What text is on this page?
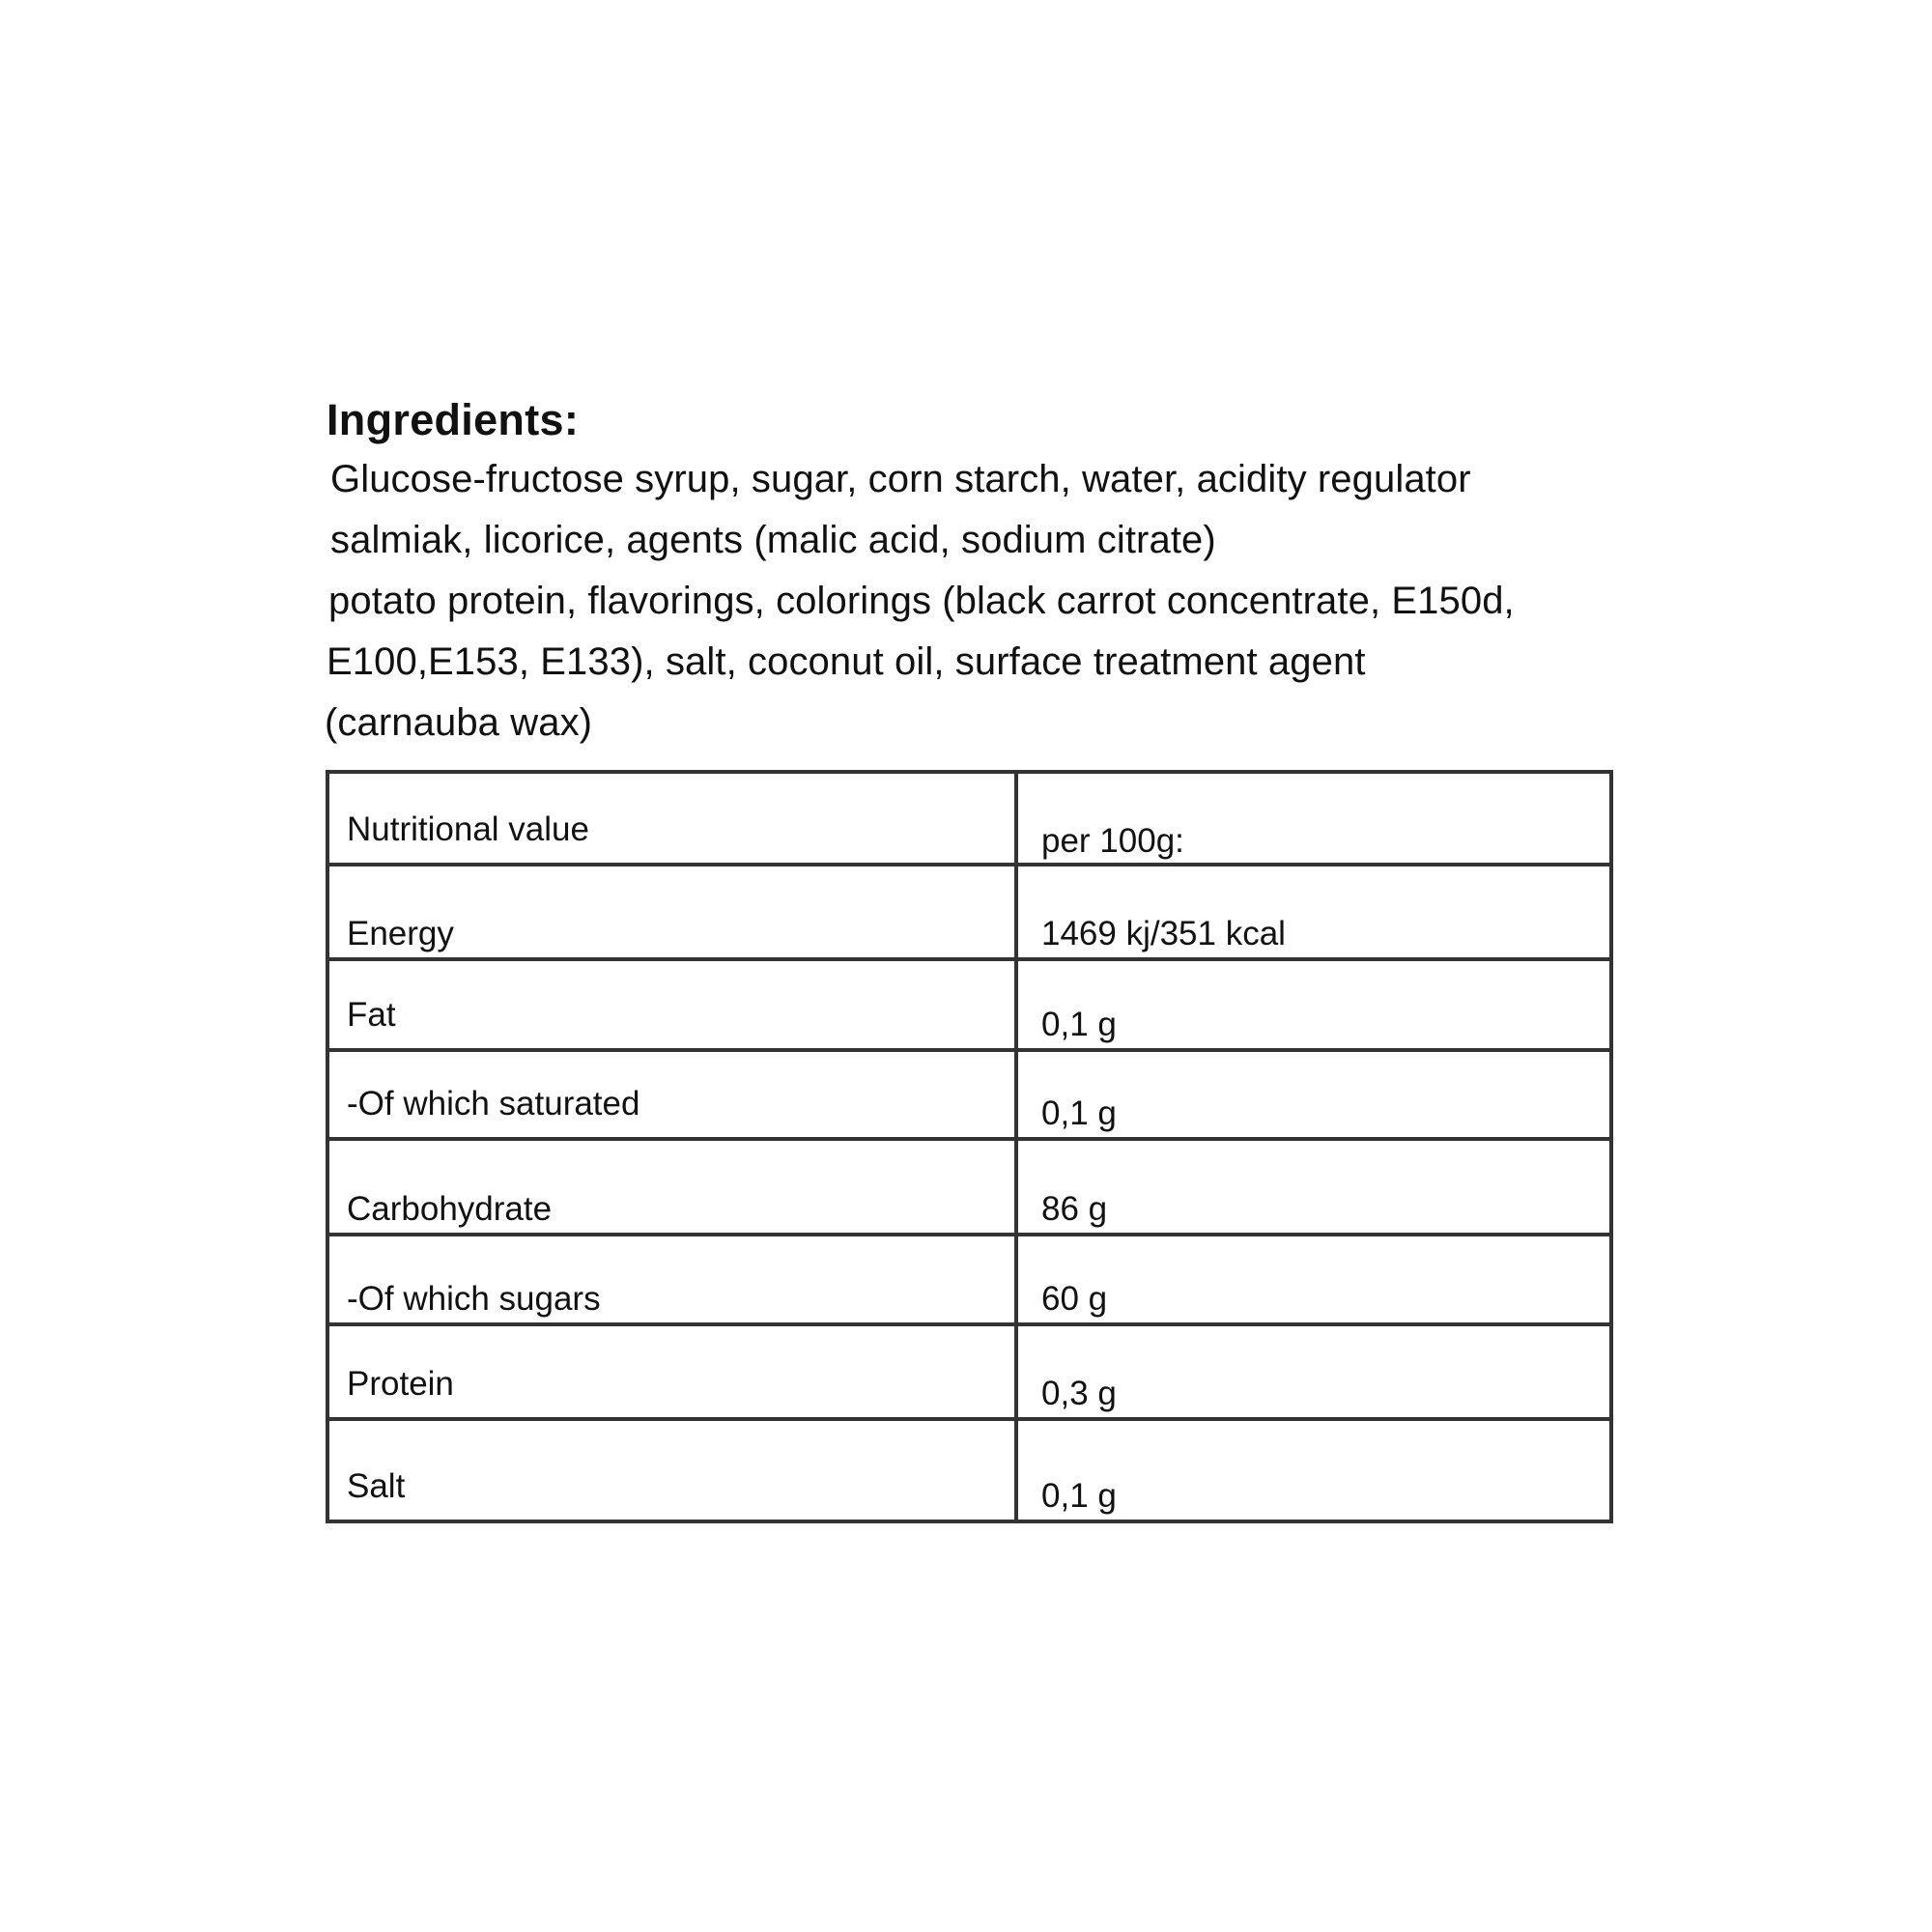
Ingredients:
Glucose-fructose syrup, sugar, corn starch, water, acidity regulator
salmiak, licorice, agents (malic acid, sodium citrate)
potato protein, flavorings, colorings (black carrot concentrate, E150d,
E100,E153, E133), salt, coconut oil, surface treatment agent
(carnauba wax)
Nutritional value	per 100g:
Energy	1469 kj/351 kcal
Fat	0,1 g
-Of which saturated	0,1 g
Carbohydrate	86 g
-Of which sugars	60 g
Protein	0,3 g
Salt	0,1 g
